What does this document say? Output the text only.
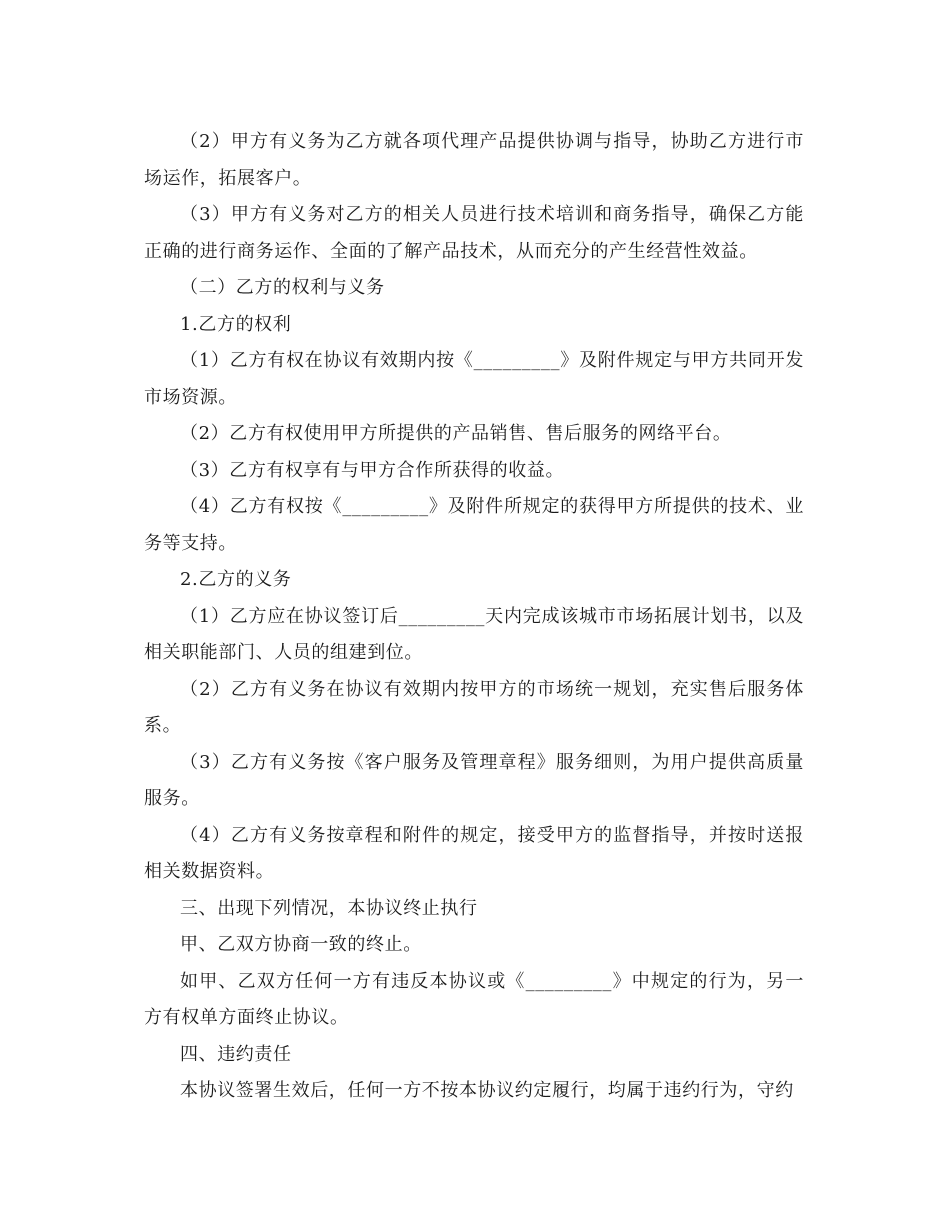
（2）甲方有义务为乙方就各项代理产品提供协调与指导，协助乙方进行市场运作，拓展客户。

（3）甲方有义务对乙方的相关人员进行技术培训和商务指导，确保乙方能正确的进行商务运作、全面的了解产品技术，从而充分的产生经营性效益。

（二）乙方的权利与义务

1.乙方的权利

（1）乙方有权在协议有效期内按《_________》及附件规定与甲方共同开发市场资源。

（2）乙方有权使用甲方所提供的产品销售、售后服务的网络平台。

（3）乙方有权享有与甲方合作所获得的收益。

（4）乙方有权按《_________》及附件所规定的获得甲方所提供的技术、业务等支持。

2.乙方的义务

（1）乙方应在协议签订后_________天内完成该城市市场拓展计划书，以及相关职能部门、人员的组建到位。

（2）乙方有义务在协议有效期内按甲方的市场统一规划，充实售后服务体系。

（3）乙方有义务按《客户服务及管理章程》服务细则，为用户提供高质量服务。

（4）乙方有义务按章程和附件的规定，接受甲方的监督指导，并按时送报相关数据资料。

三、出现下列情况，本协议终止执行

甲、乙双方协商一致的终止。

如甲、乙双方任何一方有违反本协议或《_________》中规定的行为，另一方有权单方面终止协议。

四、违约责任

本协议签署生效后，任何一方不按本协议约定履行，均属于违约行为，守约
